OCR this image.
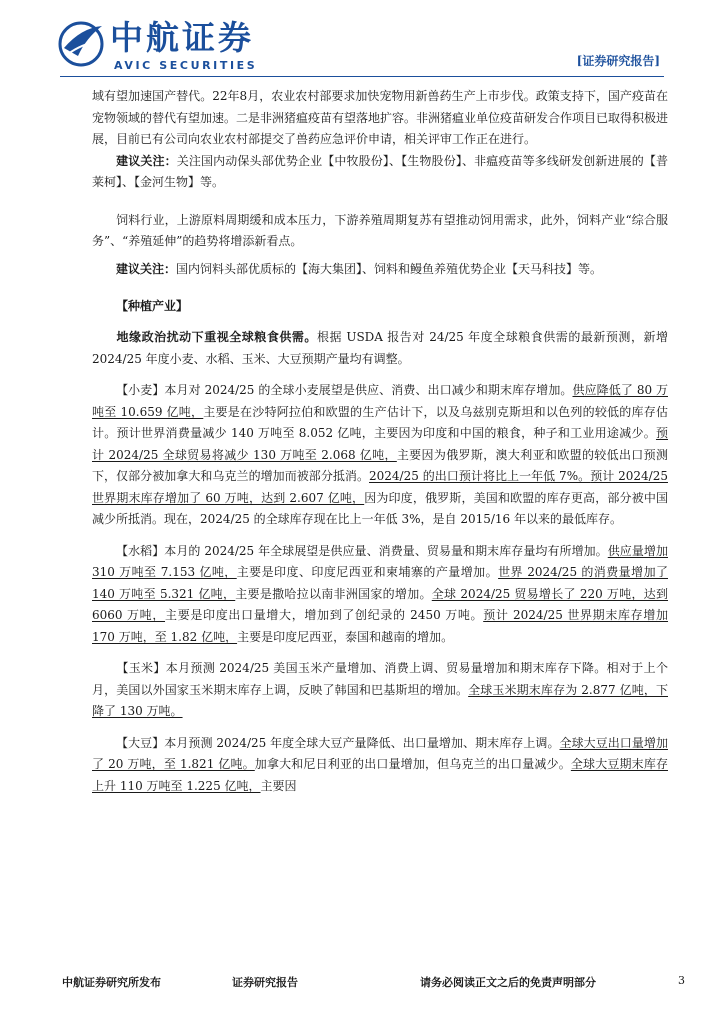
中航证券
AVIC SECURITIES	[证券研究报告]

域有望加速国产替代。22年8月，农业农村部要求加快宠物用新兽药生产上市步伐。政策支持下，国产疫苗在宠物领域的替代有望加速。二是非洲猪瘟疫苗有望落地扩容。非洲猪瘟业单位疫苗研发合作项目已取得积极进展，目前已有公司向农业农村部提交了兽药应急评价申请，相关评审工作正在进行。

建议关注：关注国内动保头部优势企业【中牧股份】、【生物股份】、非瘟疫苗等多线研发创新进展的【普莱柯】、【金河生物】等。

饲料行业，上游原料周期缓和成本压力，下游养殖周期复苏有望推动饲用需求，此外，饲料产业“综合服务”、“养殖延伸”的趋势将增添新看点。

建议关注：国内饲料头部优质标的【海大集团】、饲料和鳗鱼养殖优势企业【天马科技】等。

【种植产业】

地缘政治扰动下重视全球粮食供需。根据 USDA 报告对 24/25 年度全球粮食供需的最新预测，新增 2024/25 年度小麦、水稻、玉米、大豆预期产量均有调整。

【小麦】本月对 2024/25 的全球小麦展望是供应、消费、出口减少和期末库存增加。供应降低了 80 万吨至 10.659 亿吨，主要是在沙特阿拉伯和欧盟的生产估计下，以及乌兹别克斯坦和以色列的较低的库存估计。预计世界消费量减少 140 万吨至 8.052 亿吨，主要因为印度和中国的粮食，种子和工业用途减少。预计 2024/25 全球贸易将减少 130 万吨至 2.068 亿吨，主要因为俄罗斯，澳大利亚和欧盟的较低出口预测下，仅部分被加拿大和乌克兰的增加而被部分抵消。2024/25 的出口预计将比上一年低 7%。预计 2024/25 世界期末库存增加了 60 万吨，达到 2.607 亿吨，因为印度，俄罗斯，美国和欧盟的库存更高，部分被中国减少所抵消。现在，2024/25 的全球库存现在比上一年低 3%，是自 2015/16 年以来的最低库存。

【水稻】本月的 2024/25 年全球展望是供应量、消费量、贸易量和期末库存量均有所增加。供应量增加 310 万吨至 7.153 亿吨，主要是印度、印度尼西亚和柬埔寨的产量增加。世界 2024/25 的消费量增加了 140 万吨至 5.321 亿吨，主要是撒哈拉以南非洲国家的增加。全球 2024/25 贸易增长了 220 万吨，达到 6060 万吨，主要是印度出口量增大，增加到了创纪录的 2450 万吨。预计 2024/25 世界期末库存增加 170 万吨，至 1.82 亿吨，主要是印度尼西亚，泰国和越南的增加。

【玉米】本月预测 2024/25 美国玉米产量增加、消费上调、贸易量增加和期末库存下降。相对于上个月，美国以外国家玉米期末库存上调，反映了韩国和巴基斯坦的增加。全球玉米期末库存为 2.877 亿吨，下降了 130 万吨。

【大豆】本月预测 2024/25 年度全球大豆产量降低、出口量增加、期末库存上调。全球大豆出口量增加了 20 万吨，至 1.821 亿吨。加拿大和尼日利亚的出口量增加，但乌克兰的出口量减少。全球大豆期末库存上升 110 万吨至 1.225 亿吨，主要因

中航证券研究所发布	证券研究报告	请务必阅读正文之后的免责声明部分	3
